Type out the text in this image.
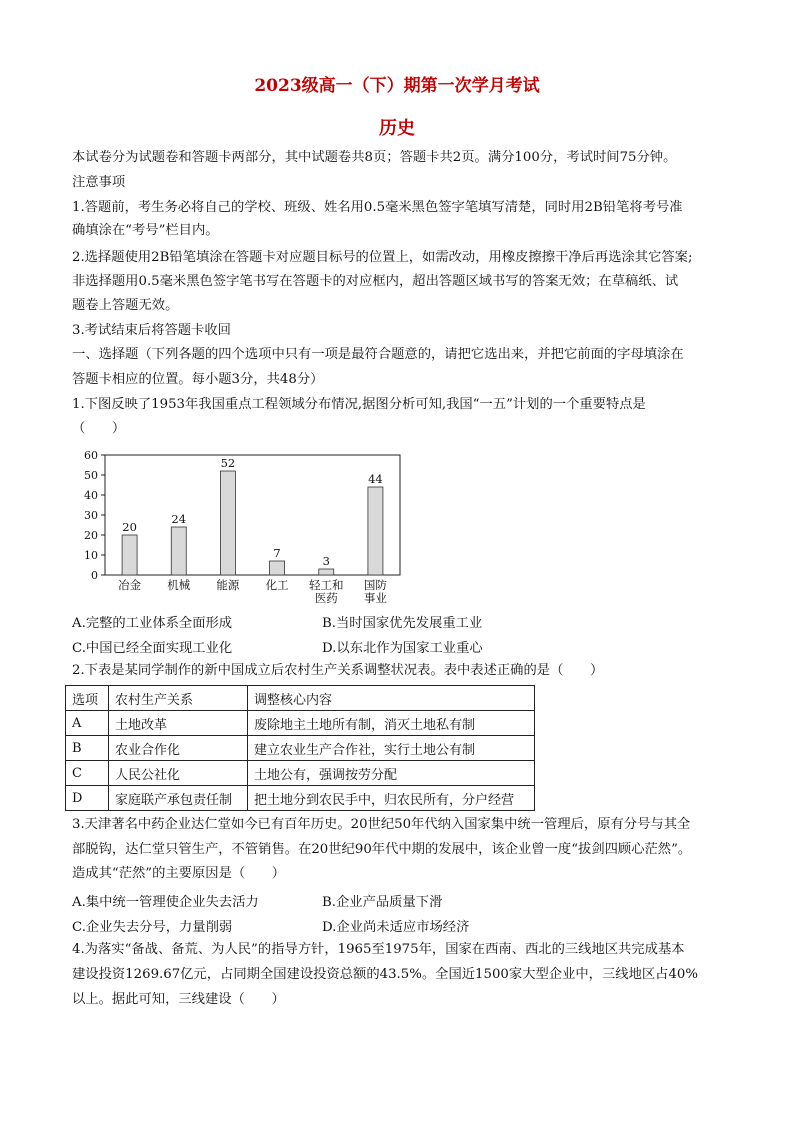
2023级高一（下）期第一次学月考试
历史
本试卷分为试题卷和答题卡两部分，其中试题卷共8页；答题卡共2页。满分100分，考试时间75分钟。
注意事项
1.答题前，考生务必将自己的学校、班级、姓名用0.5毫米黑色签字笔填写清楚，同时用2B铅笔将考号准
确填涂在“考号”栏目内。
2.选择题使用2B铅笔填涂在答题卡对应题目标号的位置上，如需改动，用橡皮擦擦干净后再选涂其它答案;
非选择题用0.5毫米黑色签字笔书写在答题卡的对应框内，超出答题区域书写的答案无效；在草稿纸、试
题卷上答题无效。
3.考试结束后将答题卡收回
一、选择题（下列各题的四个选项中只有一项是最符合题意的，请把它选出来，并把它前面的字母填涂在
答题卡相应的位置。每小题3分，共48分）
1.下图反映了1953年我国重点工程领域分布情况,据图分析可知,我国“一五”计划的一个重要特点是
（　　）
0
10
20
30
40
50
60
20
冶金
24
机械
52
能源
7
化工
3
轻工和
医药
44
国防
事业
A.完整的工业体系全面形成	B.当时国家优先发展重工业
C.中国已经全面实现工业化	D.以东北作为国家工业重心
2.下表是某同学制作的新中国成立后农村生产关系调整状况表。表中表述正确的是（　　）
选项	农村生产关系	调整核心内容
A	土地改革	废除地主土地所有制，消灭土地私有制
B	农业合作化	建立农业生产合作社，实行土地公有制
C	人民公社化	土地公有，强调按劳分配
D	家庭联产承包责任制	把土地分到农民手中，归农民所有，分户经营
3.天津著名中药企业达仁堂如今已有百年历史。20世纪50年代纳入国家集中统一管理后，原有分号与其全
部脱钩，达仁堂只管生产，不管销售。在20世纪90年代中期的发展中，该企业曾一度“拔剑四顾心茫然”。
造成其“茫然”的主要原因是（　　）
A.集中统一管理使企业失去活力	B.企业产品质量下滑
C.企业失去分号，力量削弱	D.企业尚未适应市场经济
4.为落实“备战、备荒、为人民”的指导方针，1965至1975年，国家在西南、西北的三线地区共完成基本
建设投资1269.67亿元，占同期全国建设投资总额的43.5%。全国近1500家大型企业中，三线地区占40%
以上。据此可知，三线建设（　　）
